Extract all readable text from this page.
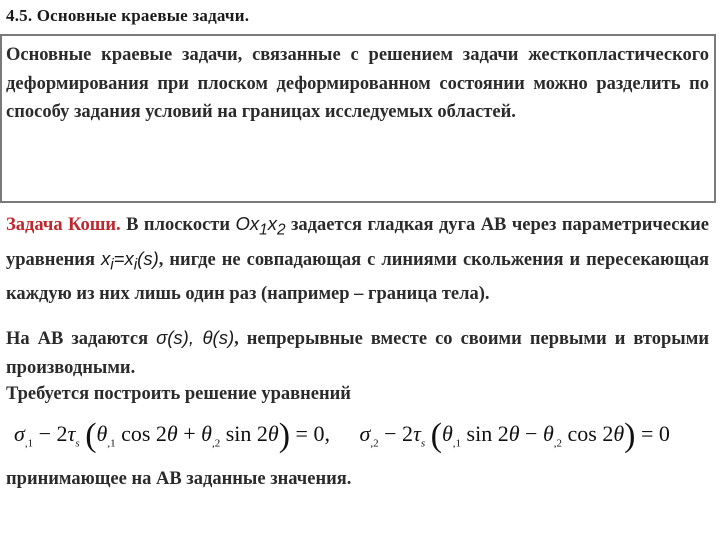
4.5. Основные краевые задачи.
Основные краевые задачи, связанные с решением задачи жесткопластического деформирования при плоском деформированном состоянии можно разделить по способу задания условий на границах исследуемых областей.
Задача Коши. В плоскости $Ox_1x_2$ задается гладкая дуга АВ через параметрические уравнения $x_i=x_i(s)$, нигде не совпадающая с линиями скольжения и пересекающая каждую из них лишь один раз (например – граница тела).
На АВ задаются σ(s), θ(s), непрерывные вместе со своими первыми и вторыми производными.
Требуется построить решение уравнений
$\sigma_{,1} - 2\tau_s$ ($\theta_{,1}$ $\cos 2\theta + \theta_{,2}$ sin 2θ) = 0, $\sigma_{,2} - 2\tau_s$ ($\theta_{,1}$ $\sin 2\theta - \theta_{,2}$ cos 2θ) = 0
принимающее на АВ заданные значения.
